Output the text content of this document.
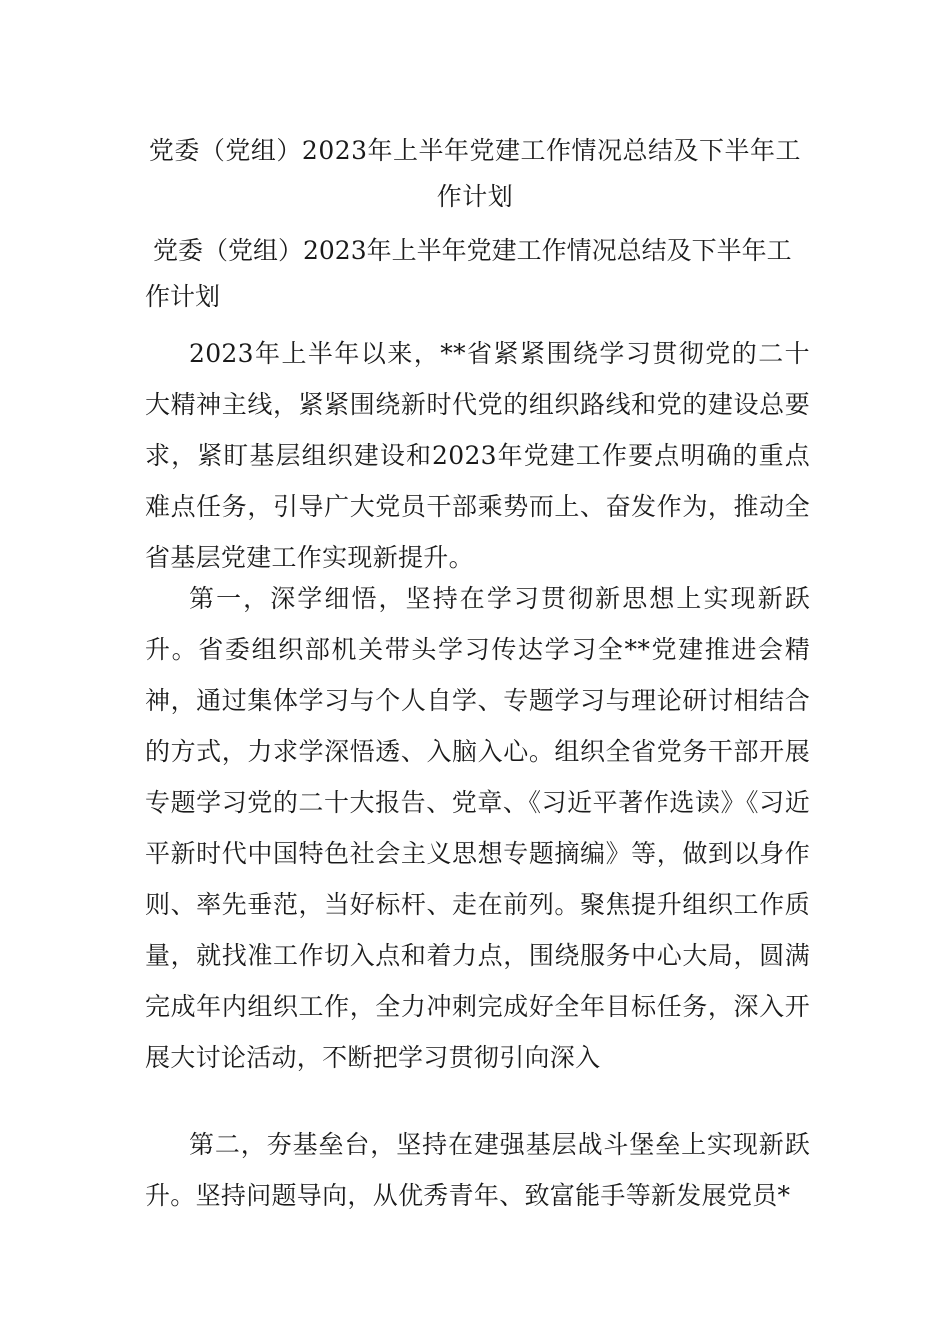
党委（党组）2023年上半年党建工作情况总结及下半年工作计划
党委（党组）2023年上半年党建工作情况总结及下半年工作计划
2023年上半年以来，**省紧紧围绕学习贯彻党的二十大精神主线，紧紧围绕新时代党的组织路线和党的建设总要求，紧盯基层组织建设和2023年党建工作要点明确的重点难点任务，引导广大党员干部乘势而上、奋发作为，推动全省基层党建工作实现新提升。
第一，深学细悟，坚持在学习贯彻新思想上实现新跃升。省委组织部机关带头学习传达学习全**党建推进会精神，通过集体学习与个人自学、专题学习与理论研讨相结合的方式，力求学深悟透、入脑入心。组织全省党务干部开展专题学习党的二十大报告、党章、《习近平著作选读》《习近平新时代中国特色社会主义思想专题摘编》等，做到以身作则、率先垂范，当好标杆、走在前列。聚焦提升组织工作质量，就找准工作切入点和着力点，围绕服务中心大局，圆满完成年内组织工作，全力冲刺完成好全年目标任务，深入开展大讨论活动，不断把学习贯彻引向深入
第二，夯基垒台，坚持在建强基层战斗堡垒上实现新跃升。坚持问题导向，从优秀青年、致富能手等新发展党员*
